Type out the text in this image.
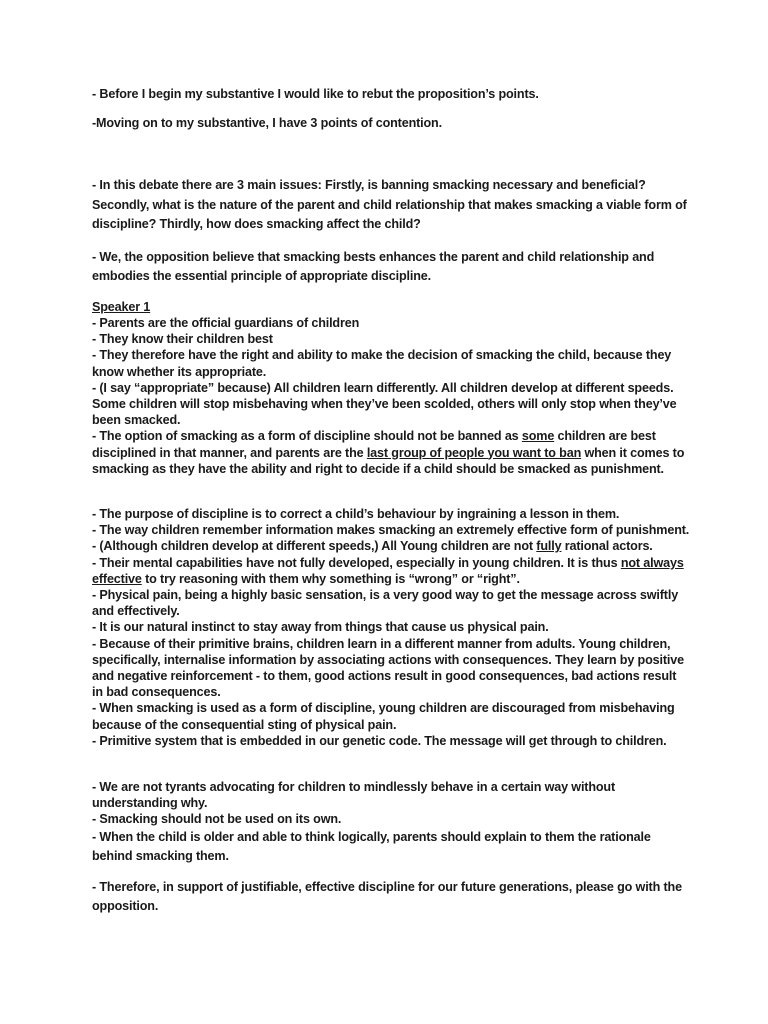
- Before I begin my substantive I would like to rebut the proposition’s points.

-Moving on to my substantive, I have 3 points of contention.

- In this debate there are 3 main issues: Firstly, is banning smacking necessary and beneficial? Secondly, what is the nature of the parent and child relationship that makes smacking a viable form of discipline? Thirdly, how does smacking affect the child?

- We, the opposition believe that smacking bests enhances the parent and child relationship and embodies the essential principle of appropriate discipline.

Speaker 1

- Parents are the official guardians of children

- They know their children best

- They therefore have the right and ability to make the decision of smacking the child, because they know whether its appropriate.

- (I say “appropriate” because) All children learn differently. All children develop at different speeds. Some children will stop misbehaving when they’ve been scolded, others will only stop when they’ve been smacked.

- The option of smacking as a form of discipline should not be banned as some children are best disciplined in that manner, and parents are the last group of people you want to ban when it comes to smacking as they have the ability and right to decide if a child should be smacked as punishment.

- The purpose of discipline is to correct a child’s behaviour by ingraining a lesson in them.

- The way children remember information makes smacking an extremely effective form of punishment.

- (Although children develop at different speeds,) All Young children are not fully rational actors.

- Their mental capabilities have not fully developed, especially in young children. It is thus not always effective to try reasoning with them why something is “wrong” or “right”.

- Physical pain, being a highly basic sensation, is a very good way to get the message across swiftly and effectively.

- It is our natural instinct to stay away from things that cause us physical pain.

- Because of their primitive brains, children learn in a different manner from adults. Young children, specifically, internalise information by associating actions with consequences. They learn by positive and negative reinforcement - to them, good actions result in good consequences, bad actions result in bad consequences.

- When smacking is used as a form of discipline, young children are discouraged from misbehaving because of the consequential sting of physical pain.

- Primitive system that is embedded in our genetic code. The message will get through to children.

- We are not tyrants advocating for children to mindlessly behave in a certain way without understanding why.

- Smacking should not be used on its own.

- When the child is older and able to think logically, parents should explain to them the rationale behind smacking them.

- Therefore, in support of justifiable, effective discipline for our future generations, please go with the opposition.
